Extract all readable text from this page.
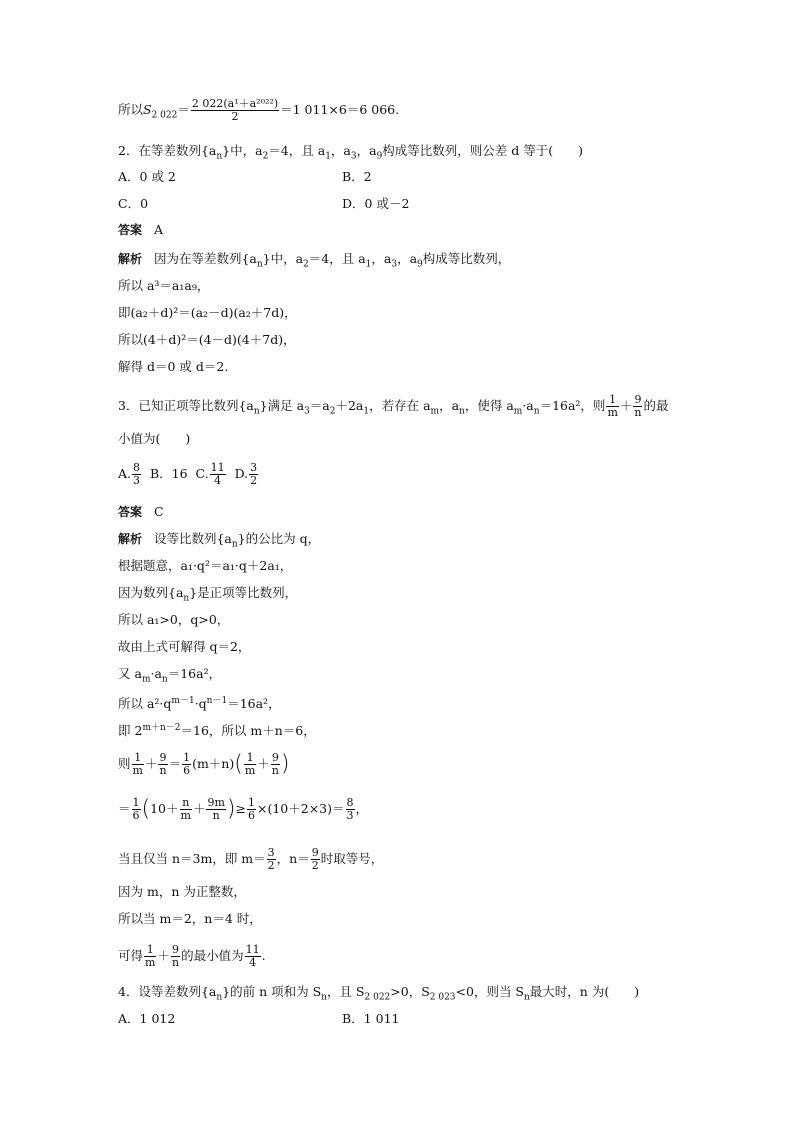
所以$S_{2 022}= \frac{\text{2 022(a¹＋a²⁰²²)}}{2} =1$ 011×6＝6 066.
2．在等差数列$\{a_n\}$中，$a_2=4$，且 $a_1$，$a_3$，$a_9$构成等比数列，则公差 d 等于(　　)
A．0 或 2	B．2
C．0	D．0 或－2
答案 A
解析 因为在等差数列$\{a_n\}$中，$a_2=4$，且 $a_1$，$a_3$，$a_9$构成等比数列，
所以 a³＝a₁a₉，
即(a₂＋d)²＝(a₂－d)(a₂＋7d)，
所以(4＋d)²＝(4－d)(4＋7d)，
解得 d＝0 或 d＝2.
3．已知正项等比数列$\{a_n\}$满足 $a_3=a_2+2a_1$，若存在 $a_m$，$a_n$，使得 $a_m\cdot a_n=16a^2$，则 $\frac{1}{m} + \frac{9}{n}$ 的最
小值为(　　)
A. $\frac{8}{3}$ B．16 C. $\frac{11}{4} D$. $\frac{3}{2}$
答案 C
解析 设等比数列$\{a_n\}$的公比为 q，
根据题意，a₁·q²＝a₁·q＋2a₁，
因为数列$\{a_n\}$是正项等比数列，
所以 a₁>0，q>0，
故由上式可解得 q＝2，
又 $a_m\cdot a_n=16a^2$，
所以 $a^2\cdot q^{m-1}\cdot q^{n-1}=16a^2$，
即 $2^{m+n-2}=16$，所以 m＋n＝6，
则 $\frac{1}{m} + \frac{9}{n} = \frac{1}{6} (m+n)( \frac{1}{m} + \frac{9}{n}$ )
＝ $\frac{1}{6} (10+ \frac{n}{m} + \frac{9m}{n}$ )≥ $\frac{1}{6} \times(10+2\times 3)= \frac{8}{3}$ ，
当且仅当 n＝3m，即 $m= \frac{3}{2}$ ，$n= \frac{9}{2}$ 时取等号，
因为 m，n 为正整数，
所以当 m＝2，n＝4 时，
可得 $\frac{1}{m} + \frac{9}{n}$ 的最小值为 $\frac{11}{4}$ .
4．设等差数列$\{a_n\}$的前 n 项和为 $S_n$，且 $S_{2 022}>0$，$S_{2 023}<0$，则当 $S_n$最大时，n 为(　　)
A．1 012	B．1 011
